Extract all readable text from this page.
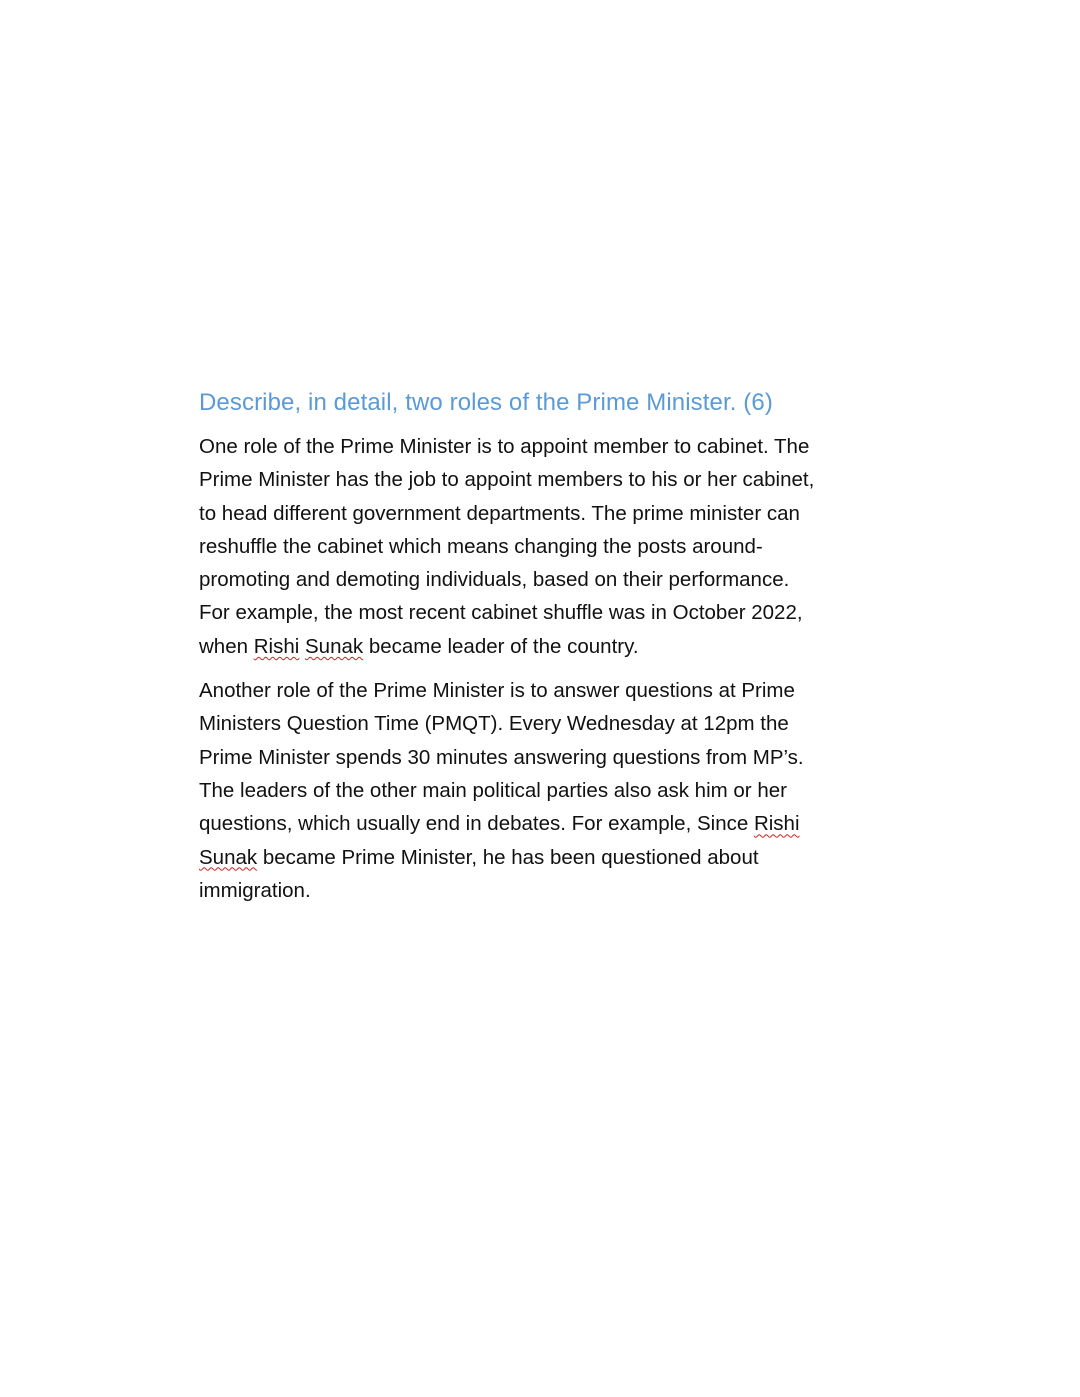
Describe, in detail, two roles of the Prime Minister. (6)

One role of the Prime Minister is to appoint member to cabinet. The
Prime Minister has the job to appoint members to his or her cabinet,
to head different government departments. The prime minister can
reshuffle the cabinet which means changing the posts around-
promoting and demoting individuals, based on their performance.
For example, the most recent cabinet shuffle was in October 2022,
when Rishi Sunak became leader of the country.

Another role of the Prime Minister is to answer questions at Prime
Ministers Question Time (PMQT). Every Wednesday at 12pm the
Prime Minister spends 30 minutes answering questions from MP’s.
The leaders of the other main political parties also ask him or her
questions, which usually end in debates. For example, Since Rishi
Sunak became Prime Minister, he has been questioned about
immigration.
